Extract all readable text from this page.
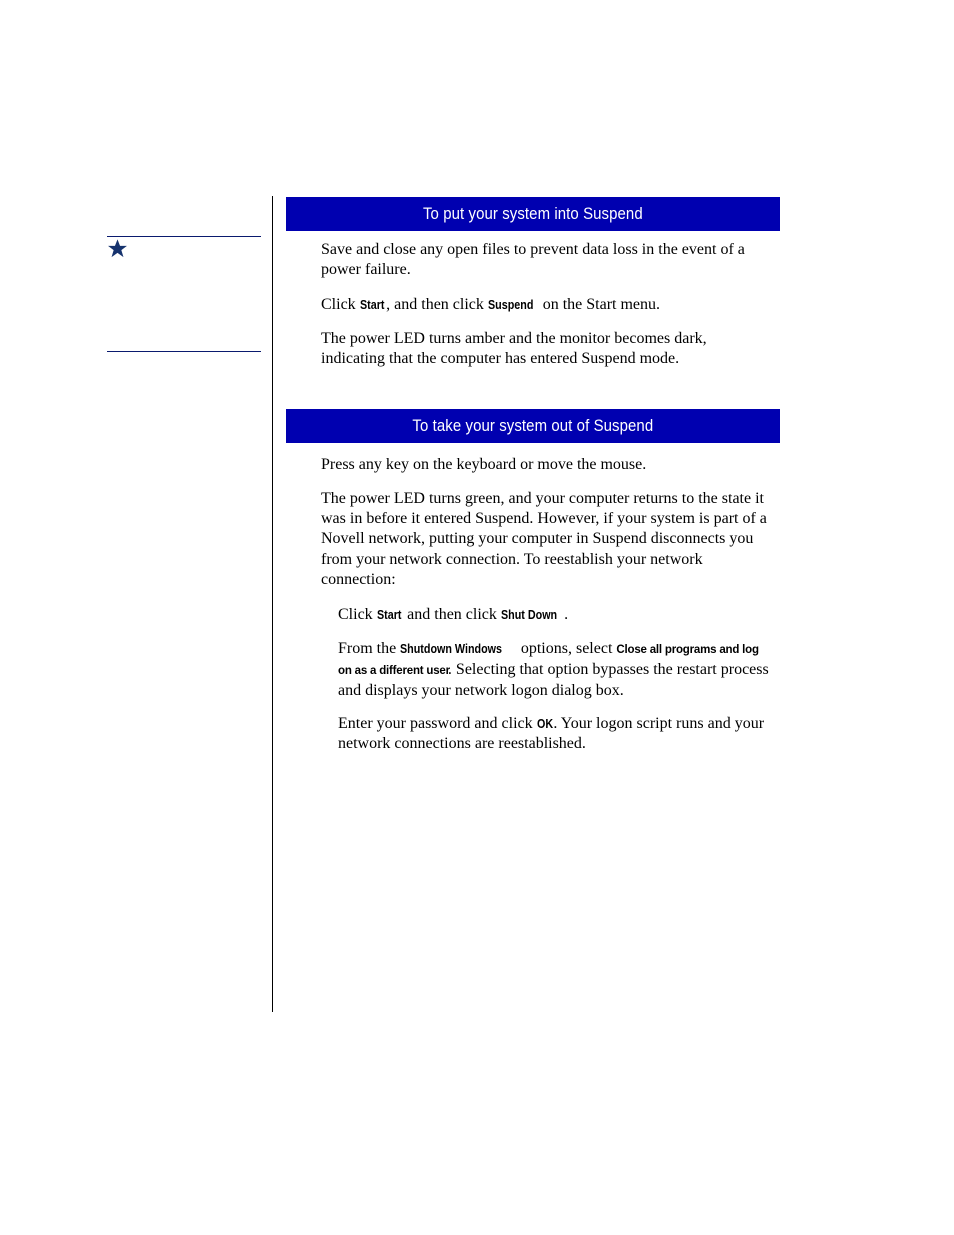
To put your system into Suspend

Save and close any open files to prevent data loss in the event of a power failure.

Click Start , and then click Suspend on the Start menu.

The power LED turns amber and the monitor becomes dark, indicating that the computer has entered Suspend mode.

To take your system out of Suspend

Press any key on the keyboard or move the mouse.

The power LED turns green, and your computer returns to the state it was in before it entered Suspend. However, if your system is part of a Novell network, putting your computer in Suspend disconnects you from your network connection. To reestablish your network connection:

Click Start and then click Shut Down .

From the Shutdown Windows options, select Close all programs and log on as a different user. Selecting that option bypasses the restart process and displays your network logon dialog box.

Enter your password and click OK. Your logon script runs and your network connections are reestablished.
